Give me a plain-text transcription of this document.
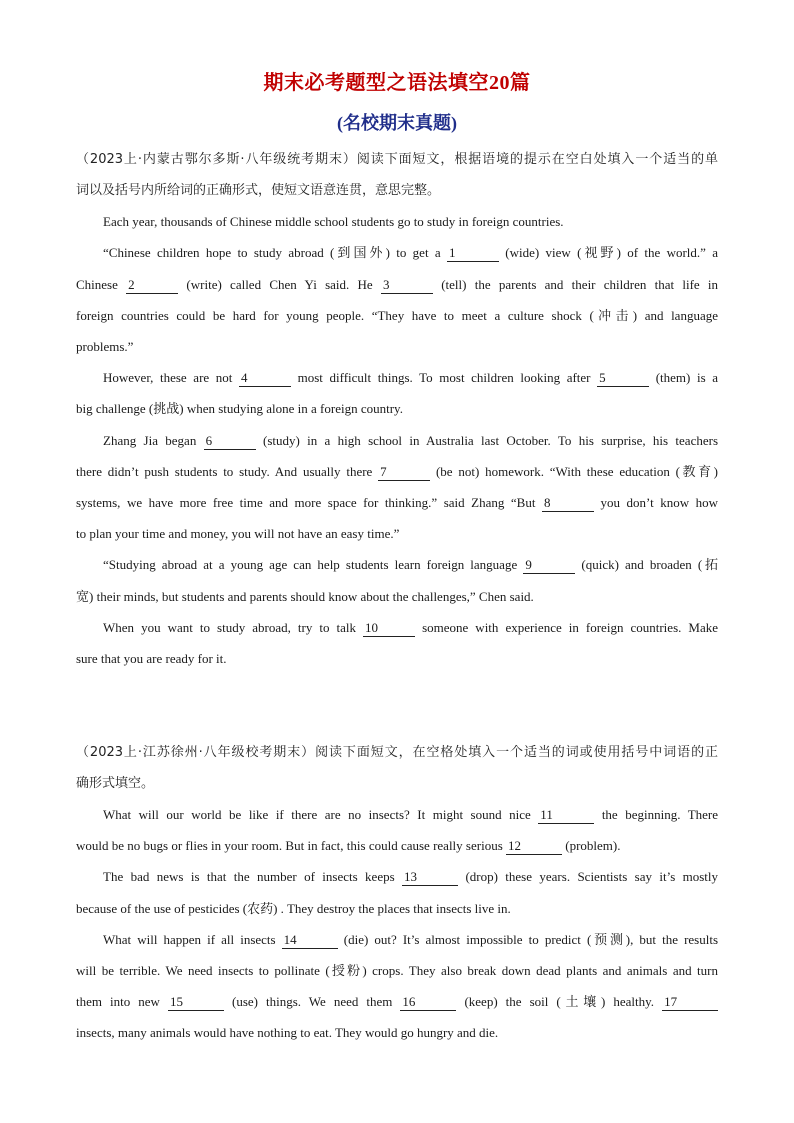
期末必考题型之语法填空20篇
(名校期末真题)
（2023上·内蒙古鄂尔多斯·八年级统考期末）阅读下面短文，根据语境的提示在空白处填入一个适当的单
词以及括号内所给词的正确形式，使短文语意连贯，意思完整。
Each year, thousands of Chinese middle school students go to study in foreign countries.
“Chinese children hope to study abroad (到国外) to get a 1	(wide) view (视野) of the world.” a
Chinese 2	(write) called Chen Yi said. He 3	(tell) the parents and their children that life in
foreign countries could be hard for young people. “They have to meet a culture shock (冲击) and language
problems.”
However, these are not 4	most difficult things. To most children looking after 5	(them) is a
big challenge (挑战) when studying alone in a foreign country.
Zhang Jia began 6	(study) in a high school in Australia last October. To his surprise, his teachers
there didn’t push students to study. And usually there 7	(be not) homework. “With these education (教育)
systems, we have more free time and more space for thinking.” said Zhang “But 8	you don’t know how
to plan your time and money, you will not have an easy time.”
“Studying abroad at a young age can help students learn foreign language 9	(quick) and broaden (拓
宽) their minds, but students and parents should know about the challenges,” Chen said.
When you want to study abroad, try to talk 10	someone with experience in foreign countries. Make
sure that you are ready for it.
（2023上·江苏徐州·八年级校考期末）阅读下面短文，在空格处填入一个适当的词或使用括号中词语的正
确形式填空。
What will our world be like if there are no insects? It might sound nice 11	the beginning. There
would be no bugs or flies in your room. But in fact, this could cause really serious 12	(problem).
The bad news is that the number of insects keeps 13	(drop) these years. Scientists say it’s mostly
because of the use of pesticides (农药) . They destroy the places that insects live in.
What will happen if all insects 14	(die) out? It’s almost impossible to predict (预测), but the results
will be terrible. We need insects to pollinate (授粉) crops. They also break down dead plants and animals and turn
them into new 15	(use) things. We need them 16	(keep) the soil (土壤) healthy. 17
insects, many animals would have nothing to eat. They would go hungry and die.
